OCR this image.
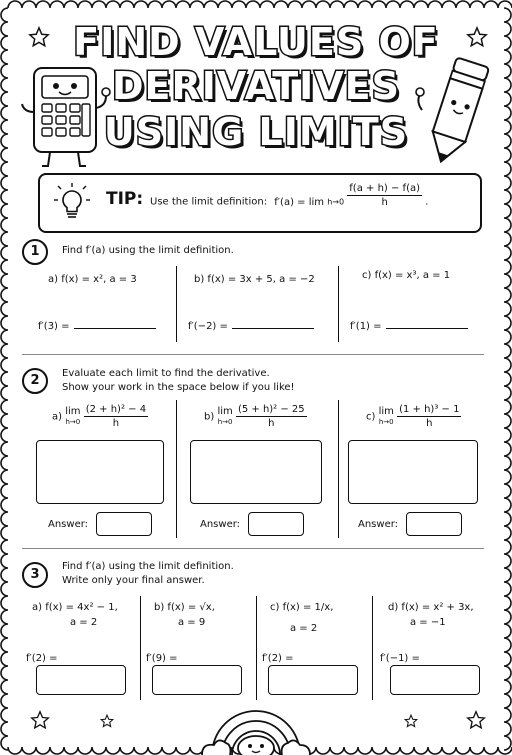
FIND VALUES OF
DERIVATIVES
USING LIMITS
TIP: Use the limit definition: $f'(a) = \lim h\to 0 \frac{f(a + h) - f(a)}{h}$ .
1	Find f′(a) using the limit definition.
a) f(x) = x², a = 3	b) f(x) = 3x + 5, a = −2	c) f(x) = x³, a = 1
f′(3) =	f′(−2) =	f′(1) =
2	Evaluate each limit to find the derivative.
Show your work in the space below if you like!
a) lim
h→0
$\frac{\text{(2 + h)² − 4}}{h}$	b) lim
h→0
$\frac{\text{(5 + h)² − 25}}{h}$	c) lim
h→0
$\frac{\text{(1 + h)³ − 1}}{h}$
Answer:	Answer:	Answer:
3
Find f′(a) using the limit definition.
Write only your final answer.
a) f(x) = 4x² − 1,
a = 2
b) f(x) = √x,
a = 9
c) f(x) = 1/x,
a = 2
d) f(x) = x² + 3x,
a = −1
f′(2) =	f′(9) =	f′(2) =	f′(−1) =
